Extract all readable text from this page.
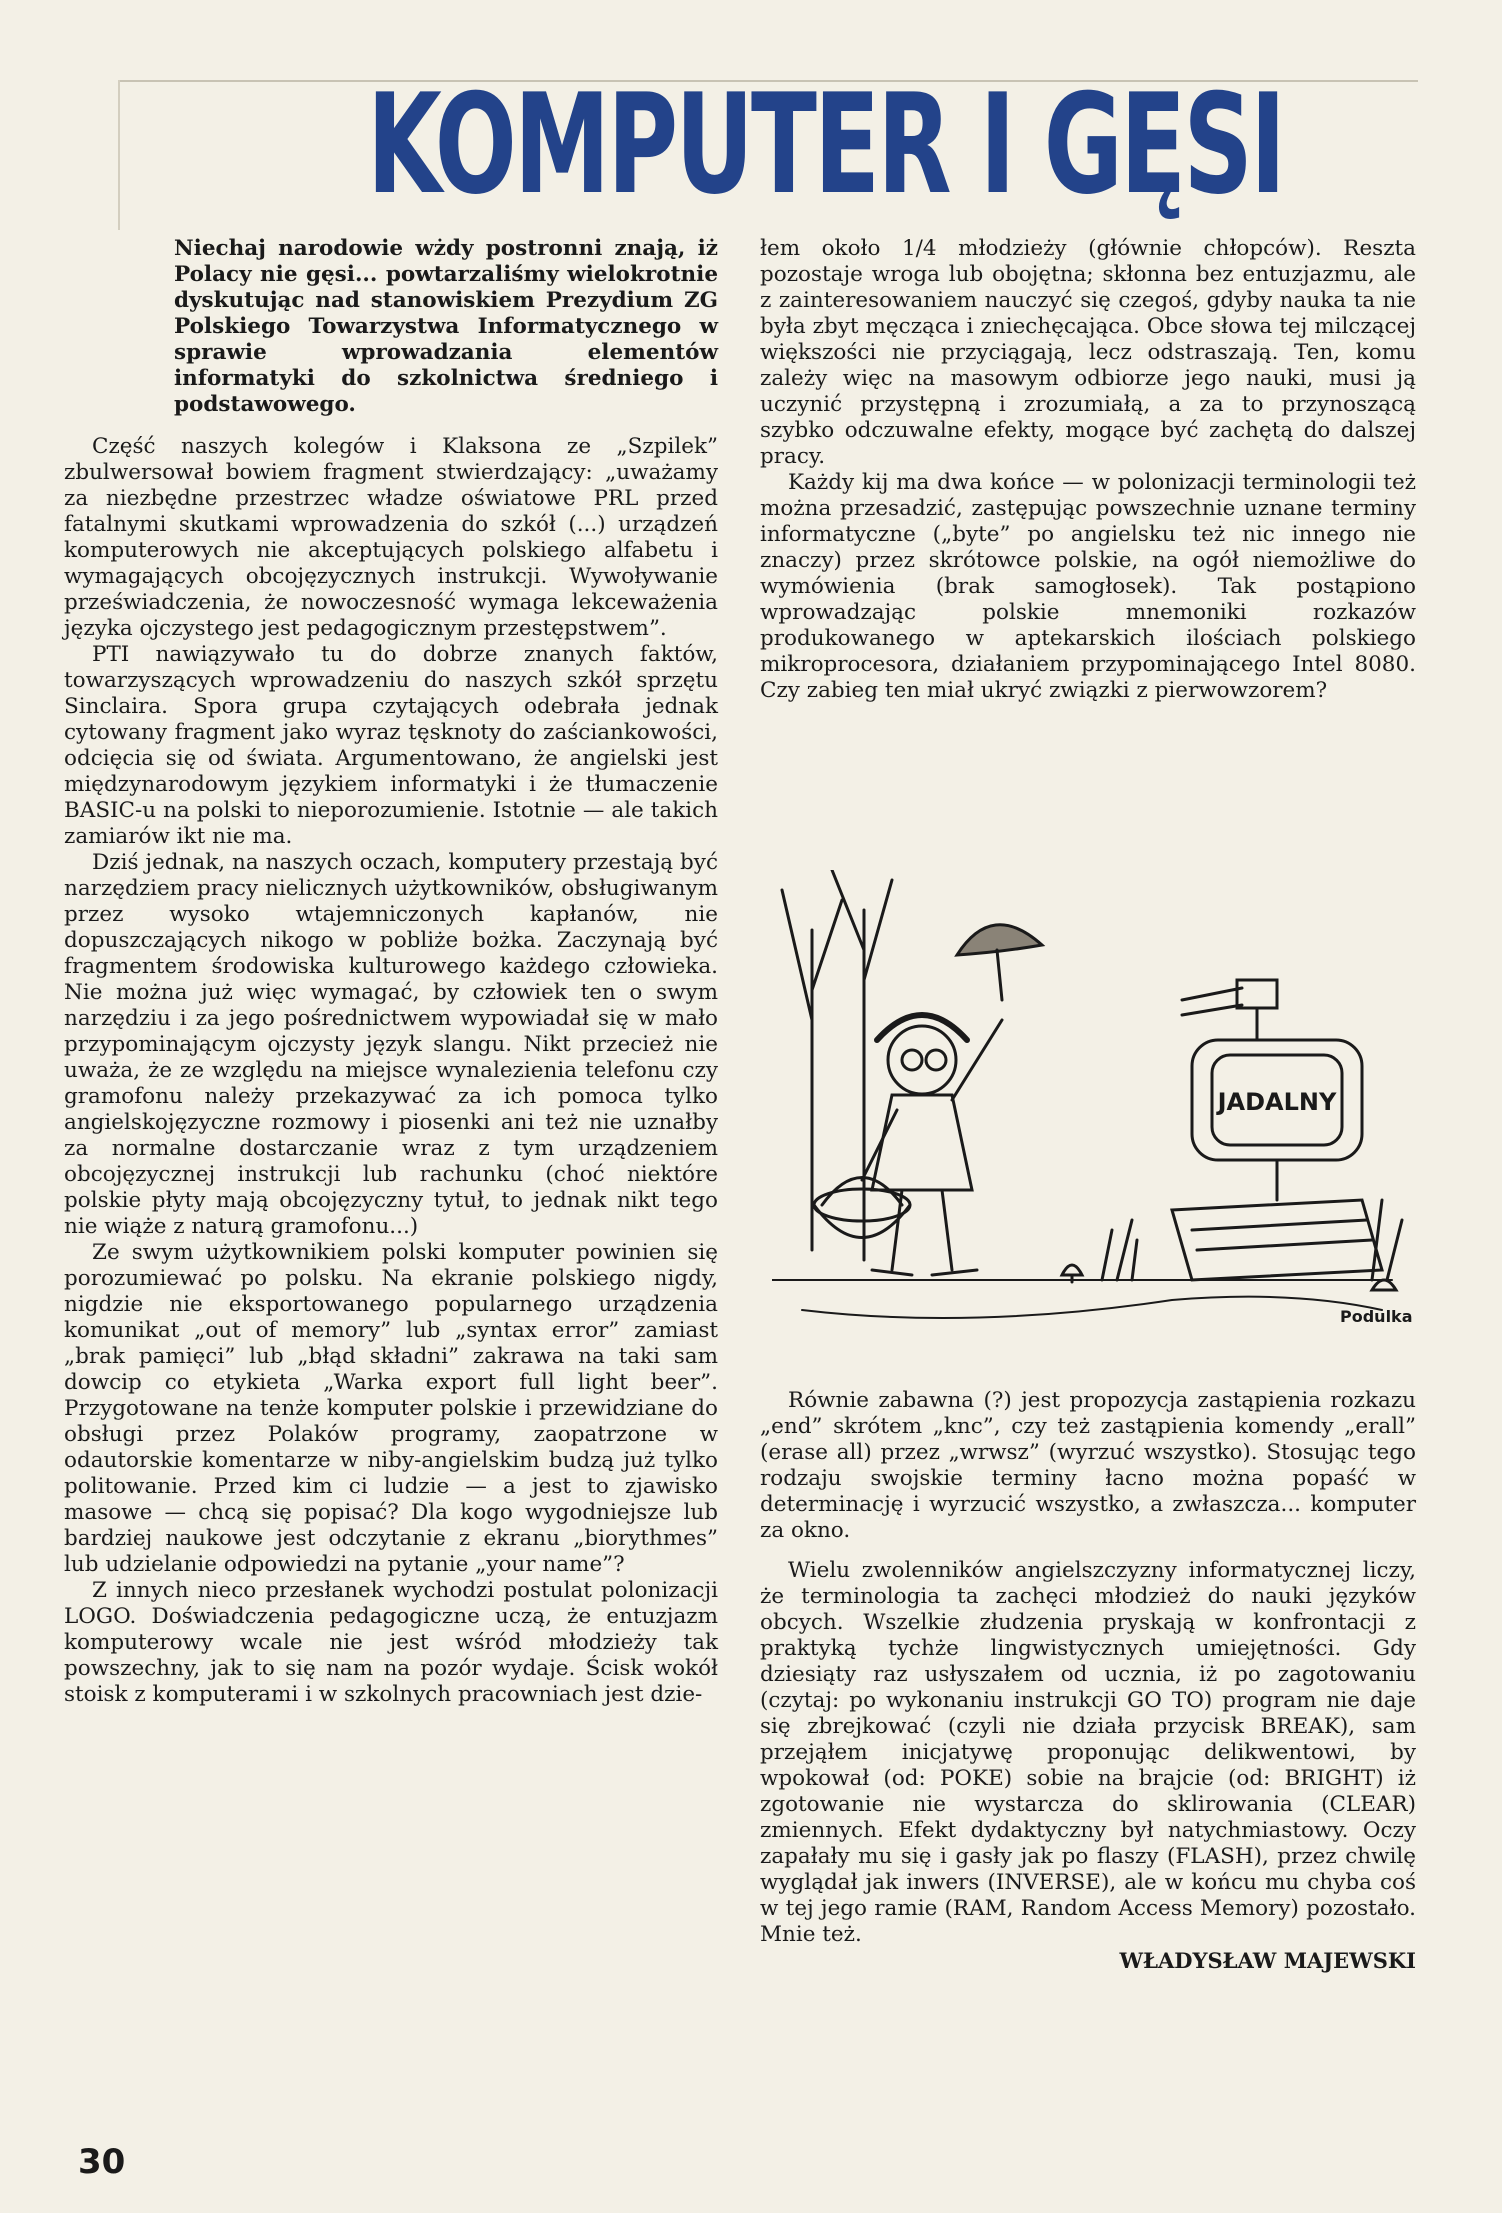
KOMPUTER I GĘSI

Niechaj narodowie wżdy postronni znają, iż Polacy nie gęsi... powtarzaliśmy wielokrotnie dyskutując nad stanowiskiem Prezydium ZG Polskiego Towarzystwa Informatycznego w sprawie wprowadzania elementów informatyki do szkolnictwa średniego i podstawowego.

Część naszych kolegów i Klaksona ze „Szpilek” zbulwersował bowiem fragment stwierdzający: „uważamy za niezbędne przestrzec władze oświatowe PRL przed fatalnymi skutkami wprowadzenia do szkół (...) urządzeń komputerowych nie akceptujących polskiego alfabetu i wymagających obcojęzycznych instrukcji. Wywoływanie przeświadczenia, że nowoczesność wymaga lekceważenia języka ojczystego jest pedagogicznym przestępstwem”.

PTI nawiązywało tu do dobrze znanych faktów, towarzyszących wprowadzeniu do naszych szkół sprzętu Sinclaira. Spora grupa czytających odebrała jednak cytowany fragment jako wyraz tęsknoty do zaściankowości, odcięcia się od świata. Argumentowano, że angielski jest międzynarodowym językiem informatyki i że tłumaczenie BASIC-u na polski to nieporozumienie. Istotnie — ale takich zamiarów ikt nie ma.

Dziś jednak, na naszych oczach, komputery przestają być narzędziem pracy nielicznych użytkowników, obsługiwanym przez wysoko wtajemniczonych kapłanów, nie dopuszczających nikogo w pobliże bożka. Zaczynają być fragmentem środowiska kulturowego każdego człowieka. Nie można już więc wymagać, by człowiek ten o swym narzędziu i za jego pośrednictwem wypowiadał się w mało przypominającym ojczysty język slangu. Nikt przecież nie uważa, że ze względu na miejsce wynalezienia telefonu czy gramofonu należy przekazywać za ich pomoca tylko angielskojęzyczne rozmowy i piosenki ani też nie uznałby za normalne dostarczanie wraz z tym urządzeniem obcojęzycznej instrukcji lub rachunku (choć niektóre polskie płyty mają obcojęzyczny tytuł, to jednak nikt tego nie wiąże z naturą gramofonu...)

Ze swym użytkownikiem polski komputer powinien się porozumiewać po polsku. Na ekranie polskiego nigdy, nigdzie nie eksportowanego popularnego urządzenia komunikat „out of memory” lub „syntax error” zamiast „brak pamięci” lub „błąd składni” zakrawa na taki sam dowcip co etykieta „Warka export full light beer”. Przygotowane na tenże komputer polskie i przewidziane do obsługi przez Polaków programy, zaopatrzone w odautorskie komentarze w niby-angielskim budzą już tylko politowanie. Przed kim ci ludzie — a jest to zjawisko masowe — chcą się popisać? Dla kogo wygodniejsze lub bardziej naukowe jest odczytanie z ekranu „biorythmes” lub udzielanie odpowiedzi na pytanie „your name”?

Z innych nieco przesłanek wychodzi postulat polonizacji LOGO. Doświadczenia pedagogiczne uczą, że entuzjazm komputerowy wcale nie jest wśród młodzieży tak powszechny, jak to się nam na pozór wydaje. Ścisk wokół stoisk z komputerami i w szkolnych pracowniach jest dzie-

łem około 1/4 młodzieży (głównie chłopców). Reszta pozostaje wroga lub obojętna; skłonna bez entuzjazmu, ale z zainteresowaniem nauczyć się czegoś, gdyby nauka ta nie była zbyt męcząca i zniechęcająca. Obce słowa tej milczącej większości nie przyciągają, lecz odstraszają. Ten, komu zależy więc na masowym odbiorze jego nauki, musi ją uczynić przystępną i zrozumiałą, a za to przynoszącą szybko odczuwalne efekty, mogące być zachętą do dalszej pracy.

Każdy kij ma dwa końce — w polonizacji terminologii też można przesadzić, zastępując powszechnie uznane terminy informatyczne („byte” po angielsku też nic innego nie znaczy) przez skrótowce polskie, na ogół niemożliwe do wymówienia (brak samogłosek). Tak postąpiono wprowadzając polskie mnemoniki rozkazów produkowanego w aptekarskich ilościach polskiego mikroprocesora, działaniem przypominającego Intel 8080. Czy zabieg ten miał ukryć związki z pierwowzorem?

JADALNY
Podulka

Równie zabawna (?) jest propozycja zastąpienia rozkazu „end” skrótem „knc”, czy też zastąpienia komendy „erall” (erase all) przez „wrwsz” (wyrzuć wszystko). Stosując tego rodzaju swojskie terminy łacno można popaść w determinację i wyrzucić wszystko, a zwłaszcza... komputer za okno.

Wielu zwolenników angielszczyzny informatycznej liczy, że terminologia ta zachęci młodzież do nauki języków obcych. Wszelkie złudzenia pryskają w konfrontacji z praktyką tychże lingwistycznych umiejętności. Gdy dziesiąty raz usłyszałem od ucznia, iż po zagotowaniu (czytaj: po wykonaniu instrukcji GO TO) program nie daje się zbrejkować (czyli nie działa przycisk BREAK), sam przejąłem inicjatywę proponując delikwentowi, by wpokował (od: POKE) sobie na brajcie (od: BRIGHT) iż zgotowanie nie wystarcza do sklirowania (CLEAR) zmiennych. Efekt dydaktyczny był natychmiastowy. Oczy zapałały mu się i gasły jak po flaszy (FLASH), przez chwilę wyglądał jak inwers (INVERSE), ale w końcu mu chyba coś w tej jego ramie (RAM, Random Access Memory) pozostało. Mnie też.

WŁADYSŁAW MAJEWSKI

30
